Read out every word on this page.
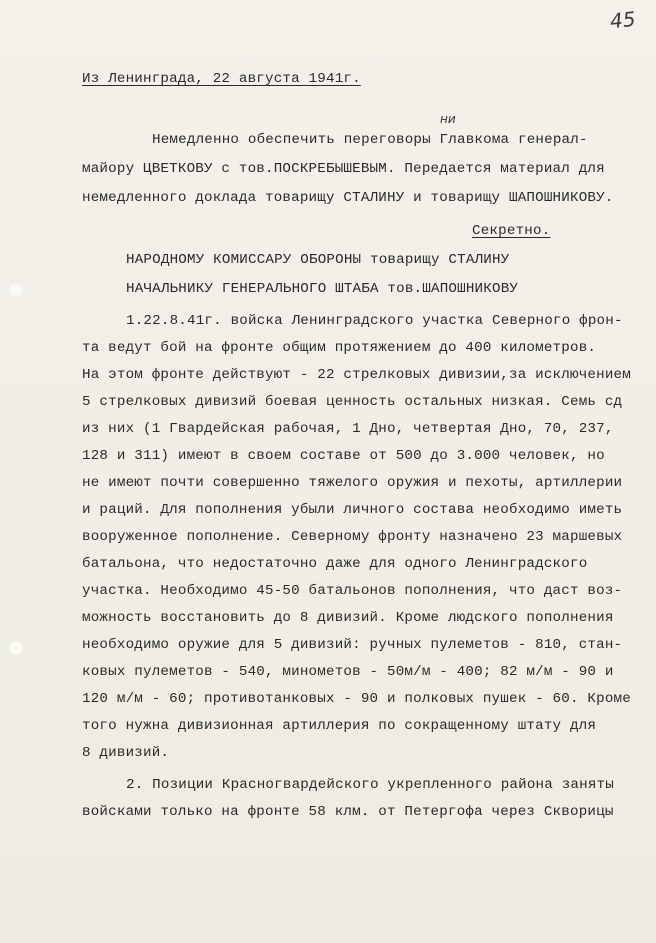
45
Из Ленинграда, 22 августа 1941г.
ни
Немедленно обеспечить переговоры Главкома генерал-
майору ЦВЕТКОВУ с тов.ПОСКРЕБЫШЕВЫМ. Передается материал для
немедленного доклада товарищу СТАЛИНУ и товарищу ШАПОШНИКОВУ.
Секретно.
НАРОДНОМУ КОМИССАРУ ОБОРОНЫ товарищу СТАЛИНУ
НАЧАЛЬНИКУ ГЕНЕРАЛЬНОГО ШТАБА тов.ШАПОШНИКОВУ
1.22.8.41г. войска Ленинградского участка Северного фрон-
та ведут бой на фронте общим протяжением до 400 километров.
На этом фронте действуют - 22 стрелковых дивизии,за исключением
5 стрелковых дивизий боевая ценность остальных низкая. Семь сд
из них (1 Гвардейская рабочая, 1 Дно, четвертая Дно, 70, 237,
128 и 311) имеют в своем составе от 500 до 3.000 человек, но
не имеют почти совершенно тяжелого оружия и пехоты, артиллерии
и раций. Для пополнения убыли личного состава необходимо иметь
вооруженное пополнение. Северному фронту назначено 23 маршевых
батальона, что недостаточно даже для одного Ленинградского
участка. Необходимо 45-50 батальонов пополнения, что даст воз-
можность восстановить до 8 дивизий. Кроме людского пополнения
необходимо оружие для 5 дивизий: ручных пулеметов - 810, стан-
ковых пулеметов - 540, минометов - 50м/м - 400; 82 м/м - 90 и
120 м/м - 60; противотанковых - 90 и полковых пушек - 60. Кроме
того нужна дивизионная артиллерия по сокращенному штату для
8 дивизий.
2. Позиции Красногвардейского укрепленного района заняты
войсками только на фронте 58 клм. от Петергофа через Скворицы
